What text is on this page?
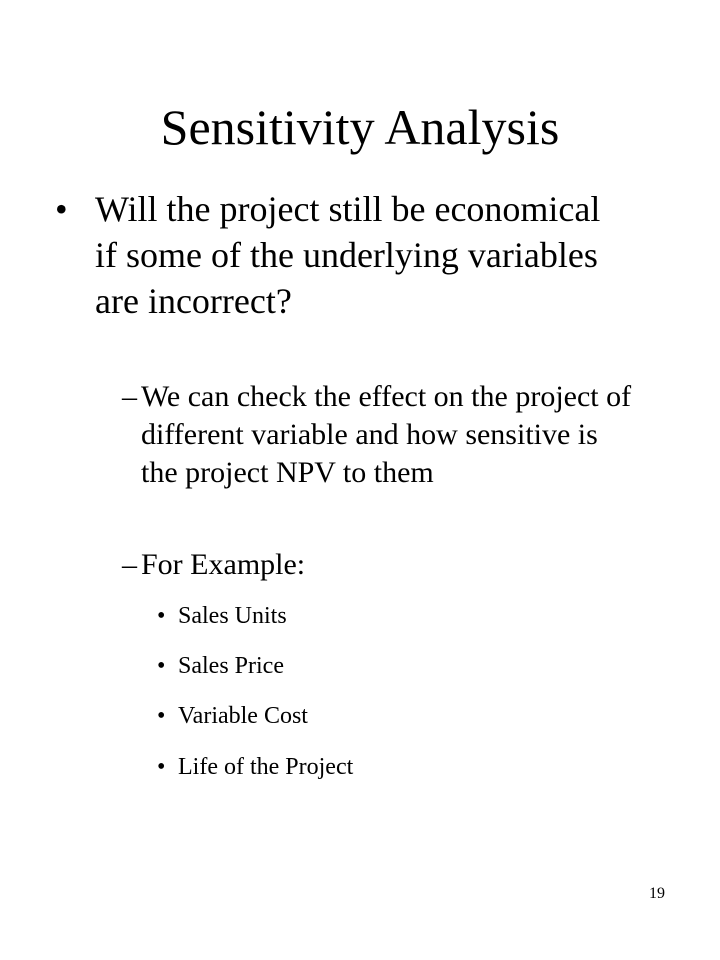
Sensitivity Analysis
• Will the project still be economical if some of the underlying variables are incorrect?
– We can check the effect on the project of different variable and how sensitive is the project NPV to them
– For Example:
• Sales Units
• Sales Price
• Variable Cost
• Life of the Project
19
